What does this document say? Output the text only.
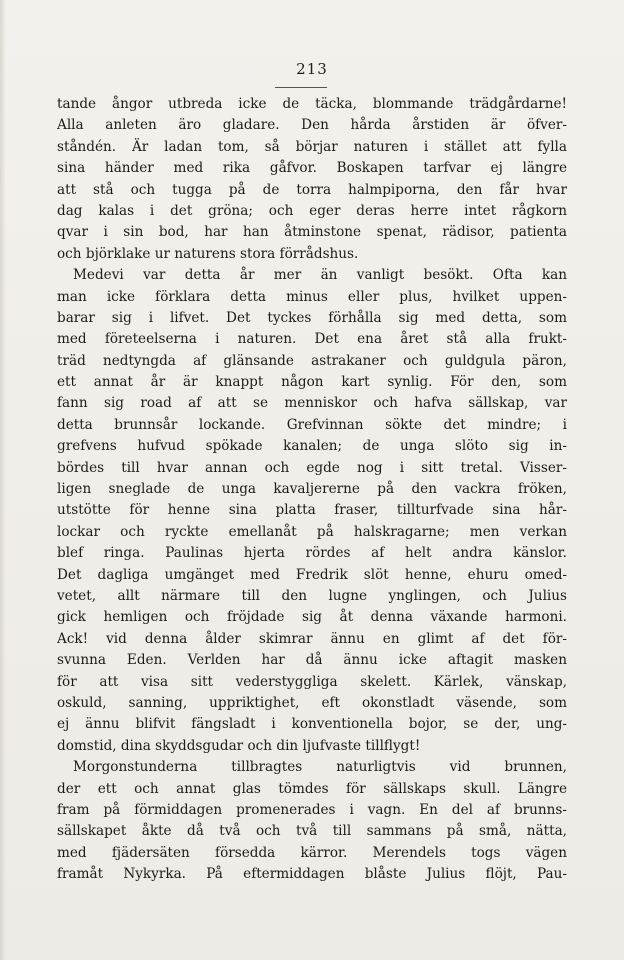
213
tande ångor utbreda icke de täcka, blommande trädgårdarne!
Alla anleten äro gladare. Den hårda årstiden är öfver-
ståndén. Är ladan tom, så börjar naturen i stället att fylla
sina händer med rika gåfvor. Boskapen tarfvar ej längre
att stå och tugga på de torra halmpiporna, den får hvar
dag kalas i det gröna; och eger deras herre intet rågkorn
qvar i sin bod, har han åtminstone spenat, rädisor, patienta
och björklake ur naturens stora förrådshus.
Medevi var detta år mer än vanligt besökt. Ofta kan
man icke förklara detta minus eller plus, hvilket uppen-
barar sig i lifvet. Det tyckes förhålla sig med detta, som
med företeelserna i naturen. Det ena året stå alla frukt-
träd nedtyngda af glänsande astrakaner och guldgula päron,
ett annat år är knappt någon kart synlig. För den, som
fann sig road af att se menniskor och hafva sällskap, var
detta brunnsår lockande. Grefvinnan sökte det mindre; i
grefvens hufvud spökade kanalen; de unga slöto sig in-
bördes till hvar annan och egde nog i sitt tretal. Visser-
ligen sneglade de unga kavaljererne på den vackra fröken,
utstötte för henne sina platta fraser, tillturfvade sina hår-
lockar och ryckte emellanåt på halskragarne; men verkan
blef ringa. Paulinas hjerta rördes af helt andra känslor.
Det dagliga umgänget med Fredrik slöt henne, ehuru omed-
vetet, allt närmare till den lugne ynglingen, och Julius
gick hemligen och fröjdade sig åt denna växande harmoni.
Ack! vid denna ålder skimrar ännu en glimt af det för-
svunna Eden. Verlden har då ännu icke aftagit masken
för att visa sitt vederstyggliga skelett. Kärlek, vänskap,
oskuld, sanning, uppriktighet, eft okonstladt väsende, som
ej ännu blifvit fängsladt i konventionella bojor, se der, ung-
domstid, dina skyddsgudar och din ljufvaste tillflygt!
Morgonstunderna tillbragtes naturligtvis vid brunnen,
der ett och annat glas tömdes för sällskaps skull. Längre
fram på förmiddagen promenerades i vagn. En del af brunns-
sällskapet åkte då två och två till sammans på små, nätta,
med fjädersäten försedda kärror. Merendels togs vägen
framåt Nykyrka. På eftermiddagen blåste Julius flöjt, Pau-
